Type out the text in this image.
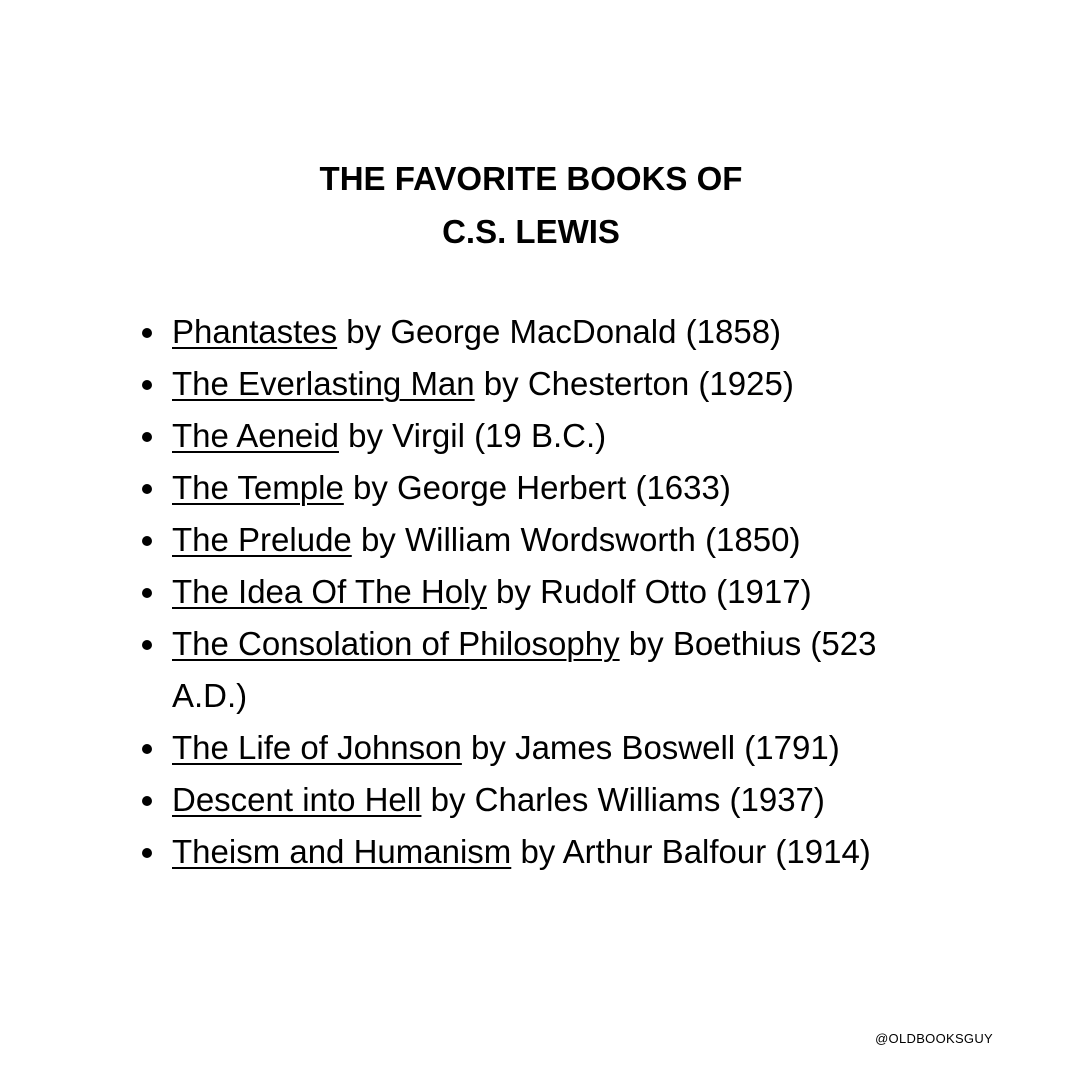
THE FAVORITE BOOKS OF
C.S. LEWIS
Phantastes by George MacDonald (1858)
The Everlasting Man by Chesterton (1925)
The Aeneid by Virgil (19 B.C.)
The Temple by George Herbert (1633)
The Prelude by William Wordsworth (1850)
The Idea Of The Holy by Rudolf Otto (1917)
The Consolation of Philosophy by Boethius (523 A.D.)
The Life of Johnson by James Boswell (1791)
Descent into Hell by Charles Williams (1937)
Theism and Humanism by Arthur Balfour (1914)
@OLDBOOKSGUY
